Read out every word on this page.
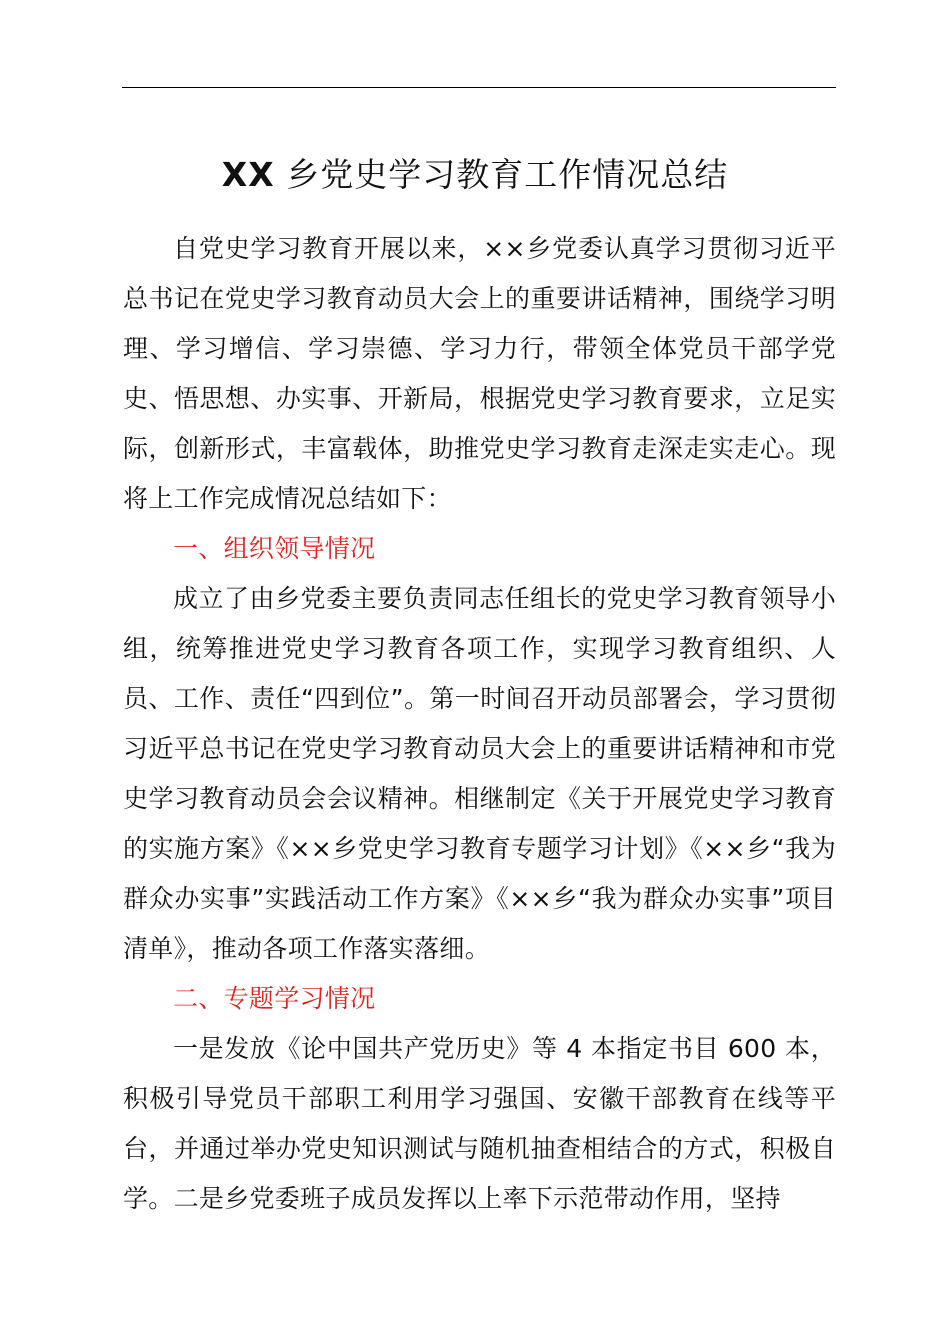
XX 乡党史学习教育工作情况总结

自党史学习教育开展以来，××乡党委认真学习贯彻习近平总书记在党史学习教育动员大会上的重要讲话精神，围绕学习明理、学习增信、学习崇德、学习力行，带领全体党员干部学党史、悟思想、办实事、开新局，根据党史学习教育要求，立足实际，创新形式，丰富载体，助推党史学习教育走深走实走心。现将上工作完成情况总结如下：

一、组织领导情况

成立了由乡党委主要负责同志任组长的党史学习教育领导小组，统筹推进党史学习教育各项工作，实现学习教育组织、人员、工作、责任“四到位”。第一时间召开动员部署会，学习贯彻习近平总书记在党史学习教育动员大会上的重要讲话精神和市党史学习教育动员会会议精神。相继制定《关于开展党史学习教育的实施方案》《××乡党史学习教育专题学习计划》《××乡“我为群众办实事”实践活动工作方案》《××乡“我为群众办实事”项目清单》，推动各项工作落实落细。

二、专题学习情况

一是发放《论中国共产党历史》等 4 本指定书目 600 本，积极引导党员干部职工利用学习强国、安徽干部教育在线等平台，并通过举办党史知识测试与随机抽查相结合的方式，积极自学。二是乡党委班子成员发挥以上率下示范带动作用，坚持
